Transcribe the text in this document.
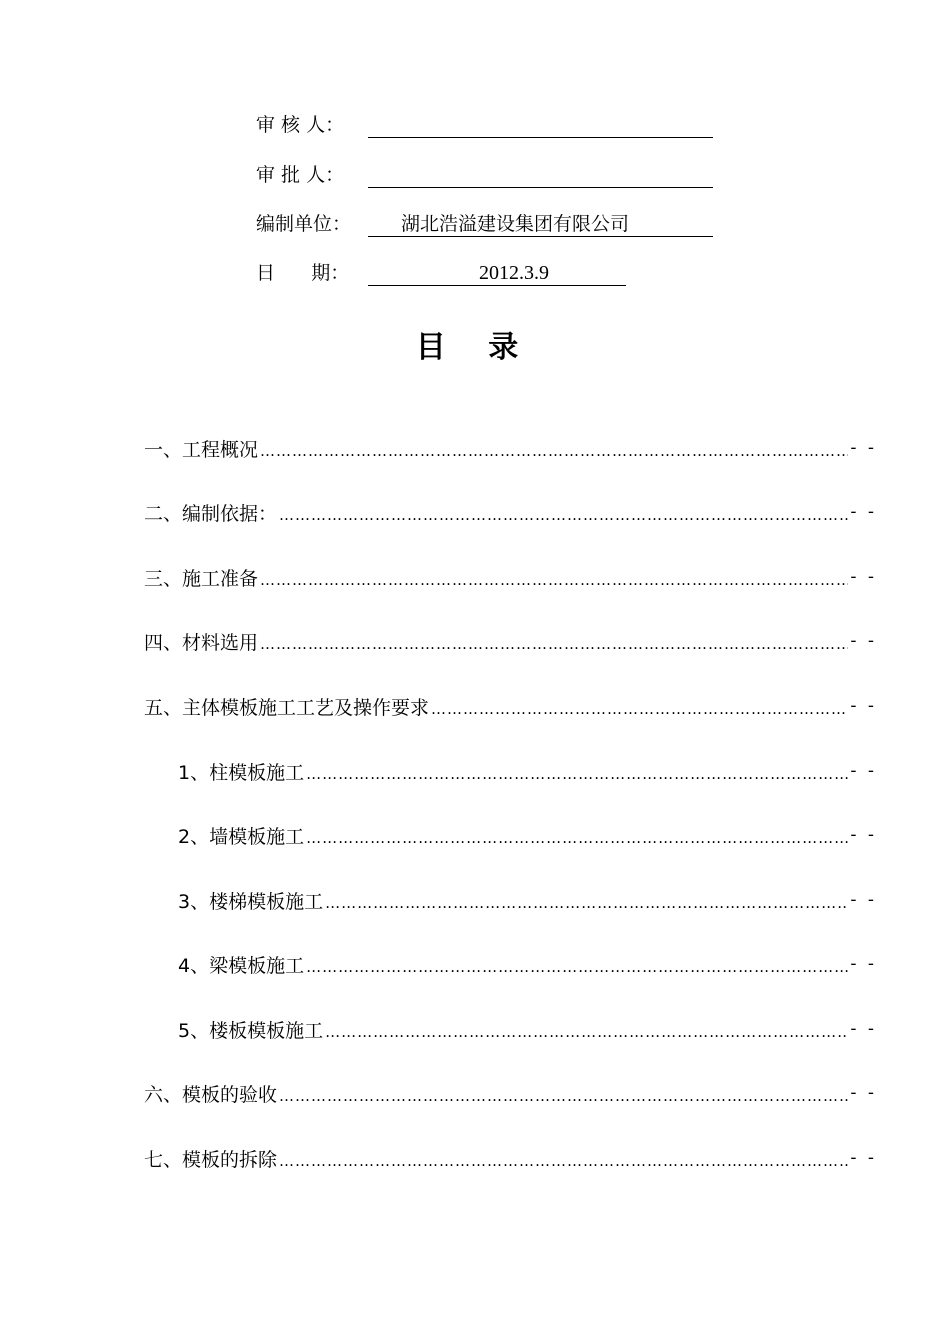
审 核 人：
审 批 人：
编制单位：	湖北浩溢建设集团有限公司
日      期：	2012.3.9
目 录
一、工程概况 ……………………………………………………………………………………………………………………………………………………………………………	- -
二、编制依据： ……………………………………………………………………………………………………………………………………………………………………………	- -
三、施工准备 ……………………………………………………………………………………………………………………………………………………………………………	- -
四、材料选用 ……………………………………………………………………………………………………………………………………………………………………………	- -
五、主体模板施工工艺及操作要求 ……………………………………………………………………………………………………………………………………………………………………………	- -
1、柱模板施工 ……………………………………………………………………………………………………………………………………………………………………………	- -
2、墙模板施工 ……………………………………………………………………………………………………………………………………………………………………………	- -
3、楼梯模板施工 ……………………………………………………………………………………………………………………………………………………………………………	- -
4、梁模板施工 ……………………………………………………………………………………………………………………………………………………………………………	- -
5、楼板模板施工 ……………………………………………………………………………………………………………………………………………………………………………	- -
六、模板的验收 ……………………………………………………………………………………………………………………………………………………………………………	- -
七、模板的拆除 ……………………………………………………………………………………………………………………………………………………………………………	- -
